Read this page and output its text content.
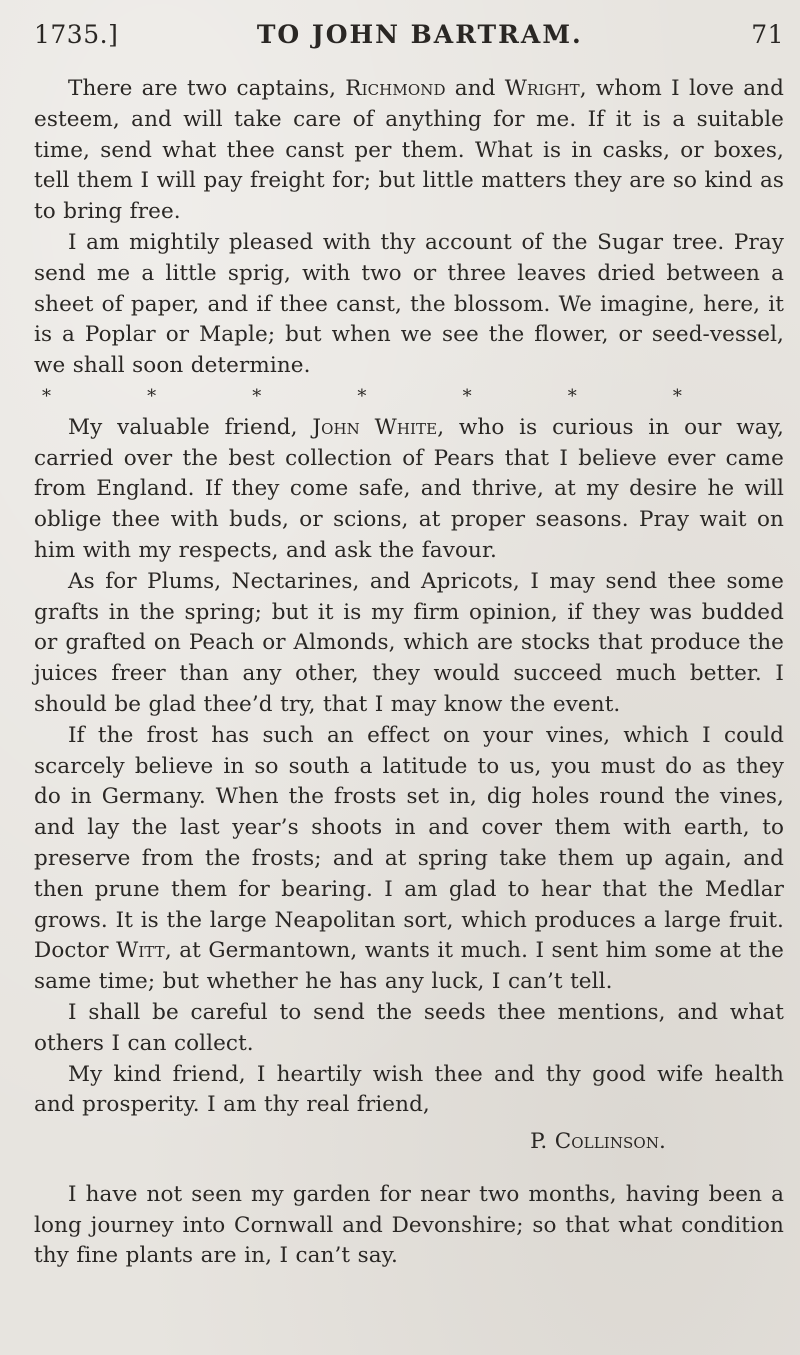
1735.]	TO JOHN BARTRAM.	71

There are two captains, Richmond and Wright, whom I love and esteem, and will take care of anything for me. If it is a suitable time, send what thee canst per them. What is in casks, or boxes, tell them I will pay freight for; but little matters they are so kind as to bring free.

I am mightily pleased with thy account of the Sugar tree. Pray send me a little sprig, with two or three leaves dried between a sheet of paper, and if thee canst, the blossom. We imagine, here, it is a Poplar or Maple; but when we see the flower, or seed-vessel, we shall soon determine.

*	*	*	*	*	*	*

My valuable friend, John White, who is curious in our way, carried over the best collection of Pears that I believe ever came from England. If they come safe, and thrive, at my desire he will oblige thee with buds, or scions, at proper seasons. Pray wait on him with my respects, and ask the favour.

As for Plums, Nectarines, and Apricots, I may send thee some grafts in the spring; but it is my firm opinion, if they was budded or grafted on Peach or Almonds, which are stocks that produce the juices freer than any other, they would succeed much better. I should be glad thee’d try, that I may know the event.

If the frost has such an effect on your vines, which I could scarcely believe in so south a latitude to us, you must do as they do in Germany. When the frosts set in, dig holes round the vines, and lay the last year’s shoots in and cover them with earth, to preserve from the frosts; and at spring take them up again, and then prune them for bearing. I am glad to hear that the Medlar grows. It is the large Neapolitan sort, which produces a large fruit. Doctor Witt, at Germantown, wants it much. I sent him some at the same time; but whether he has any luck, I can’t tell.

I shall be careful to send the seeds thee mentions, and what others I can collect.

My kind friend, I heartily wish thee and thy good wife health and prosperity. I am thy real friend,

P. Collinson.

I have not seen my garden for near two months, having been a long journey into Cornwall and Devonshire; so that what condition thy fine plants are in, I can’t say.
